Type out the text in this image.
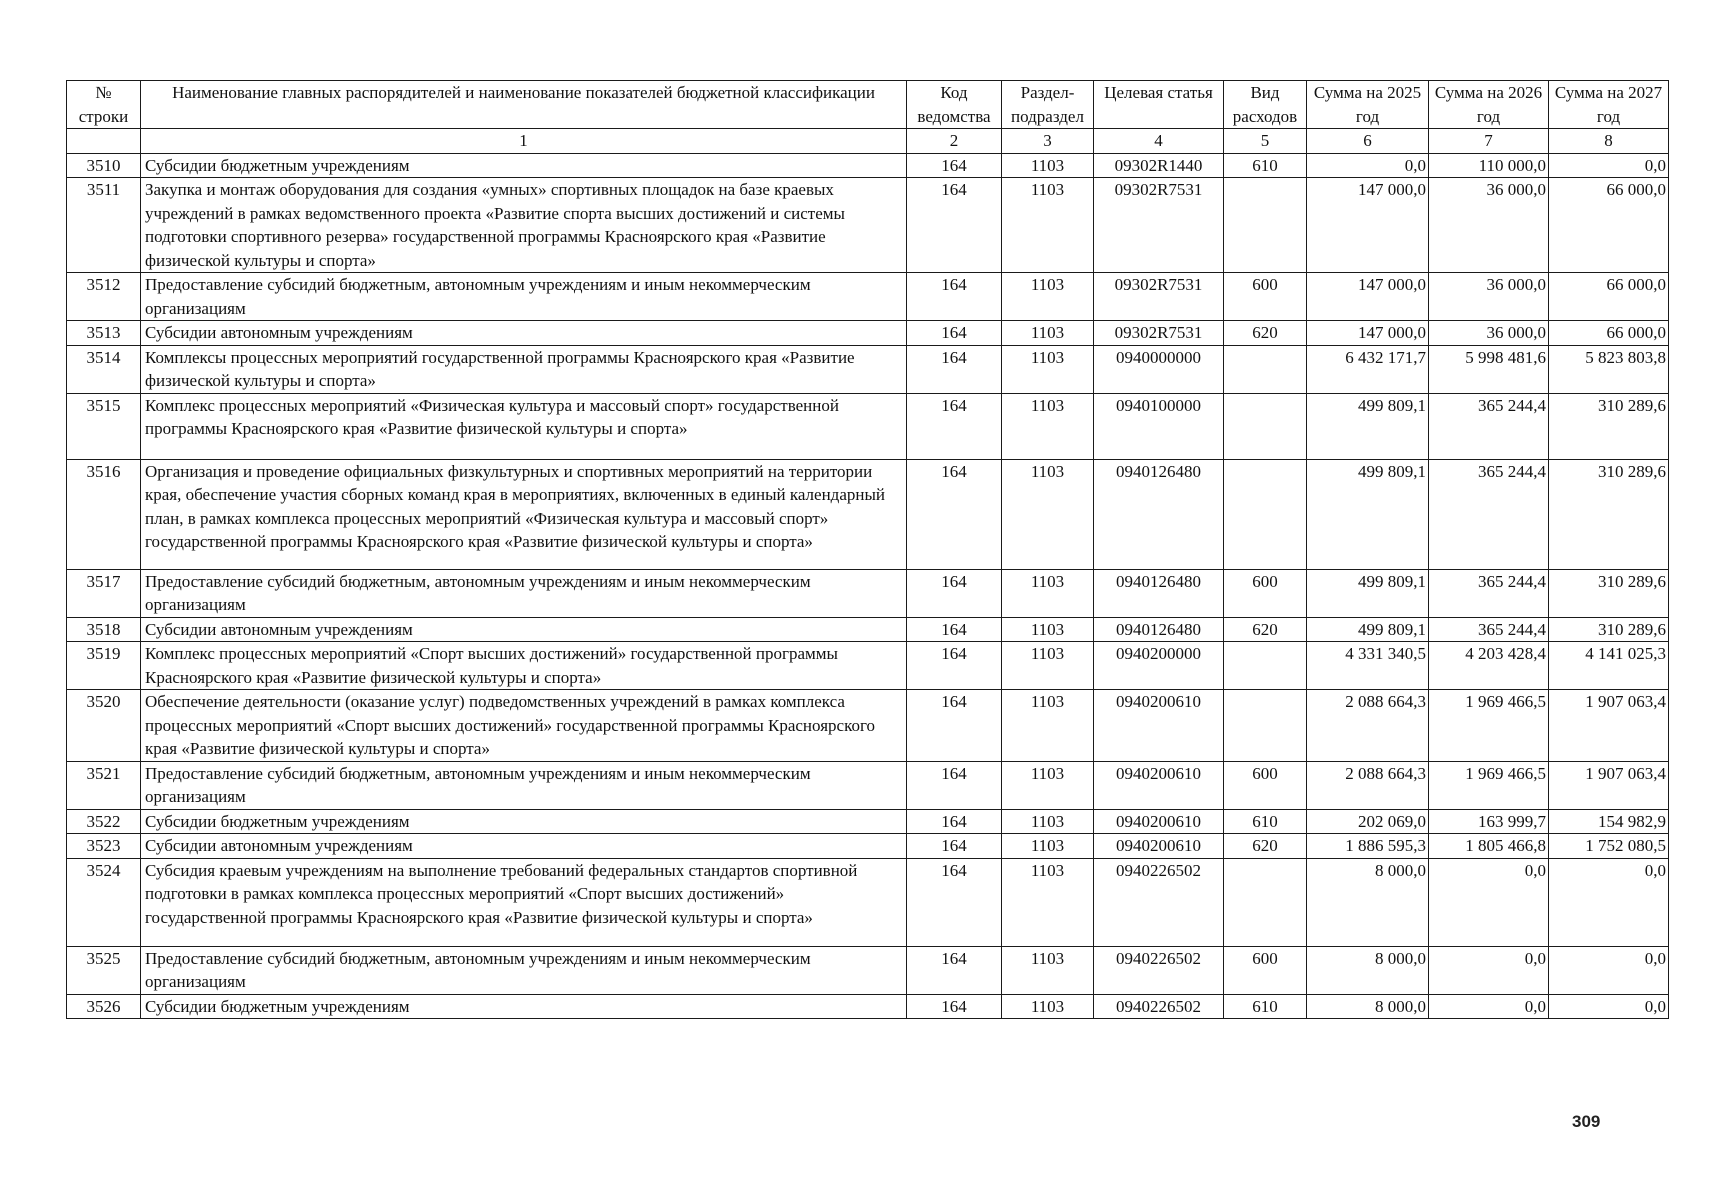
№ строки	Наименование главных распорядителей и наименование показателей бюджетной классификации	Код ведомства	Раздел-подраздел	Целевая статья	Вид расходов	Сумма на 2025 год	Сумма на 2026 год	Сумма на 2027 год
	1	2	3	4	5	6	7	8
3510	Субсидии бюджетным учреждениям	164	1103	09302R1440	610	0,0	110 000,0	0,0
3511	Закупка и монтаж оборудования для создания «умных» спортивных площадок на базе краевых учреждений в рамках ведомственного проекта «Развитие спорта высших достижений и системы подготовки спортивного резерва» государственной программы Красноярского края «Развитие физической культуры и спорта»	164	1103	09302R7531		147 000,0	36 000,0	66 000,0
3512	Предоставление субсидий бюджетным, автономным учреждениям и иным некоммерческим организациям	164	1103	09302R7531	600	147 000,0	36 000,0	66 000,0
3513	Субсидии автономным учреждениям	164	1103	09302R7531	620	147 000,0	36 000,0	66 000,0
3514	Комплексы процессных мероприятий государственной программы Красноярского края «Развитие физической культуры и спорта»	164	1103	0940000000		6 432 171,7	5 998 481,6	5 823 803,8
3515	Комплекс процессных мероприятий «Физическая культура и массовый спорт» государственной программы Красноярского края «Развитие физической культуры и спорта»	164	1103	0940100000		499 809,1	365 244,4	310 289,6
3516	Организация и проведение официальных физкультурных и спортивных мероприятий на территории края, обеспечение участия сборных команд края в мероприятиях, включенных в единый календарный план, в рамках комплекса процессных мероприятий «Физическая культура и массовый спорт» государственной программы Красноярского края «Развитие физической культуры и спорта»	164	1103	0940126480		499 809,1	365 244,4	310 289,6
3517	Предоставление субсидий бюджетным, автономным учреждениям и иным некоммерческим организациям	164	1103	0940126480	600	499 809,1	365 244,4	310 289,6
3518	Субсидии автономным учреждениям	164	1103	0940126480	620	499 809,1	365 244,4	310 289,6
3519	Комплекс процессных мероприятий «Спорт высших достижений» государственной программы Красноярского края «Развитие физической культуры и спорта»	164	1103	0940200000		4 331 340,5	4 203 428,4	4 141 025,3
3520	Обеспечение деятельности (оказание услуг) подведомственных учреждений в рамках комплекса процессных мероприятий «Спорт высших достижений» государственной программы Красноярского края «Развитие физической культуры и спорта»	164	1103	0940200610		2 088 664,3	1 969 466,5	1 907 063,4
3521	Предоставление субсидий бюджетным, автономным учреждениям и иным некоммерческим организациям	164	1103	0940200610	600	2 088 664,3	1 969 466,5	1 907 063,4
3522	Субсидии бюджетным учреждениям	164	1103	0940200610	610	202 069,0	163 999,7	154 982,9
3523	Субсидии автономным учреждениям	164	1103	0940200610	620	1 886 595,3	1 805 466,8	1 752 080,5
3524	Субсидия краевым учреждениям на выполнение требований федеральных стандартов спортивной подготовки в рамках комплекса процессных мероприятий «Спорт высших достижений» государственной программы Красноярского края «Развитие физической культуры и спорта»	164	1103	0940226502		8 000,0	0,0	0,0
3525	Предоставление субсидий бюджетным, автономным учреждениям и иным некоммерческим организациям	164	1103	0940226502	600	8 000,0	0,0	0,0
3526	Субсидии бюджетным учреждениям	164	1103	0940226502	610	8 000,0	0,0	0,0
309
